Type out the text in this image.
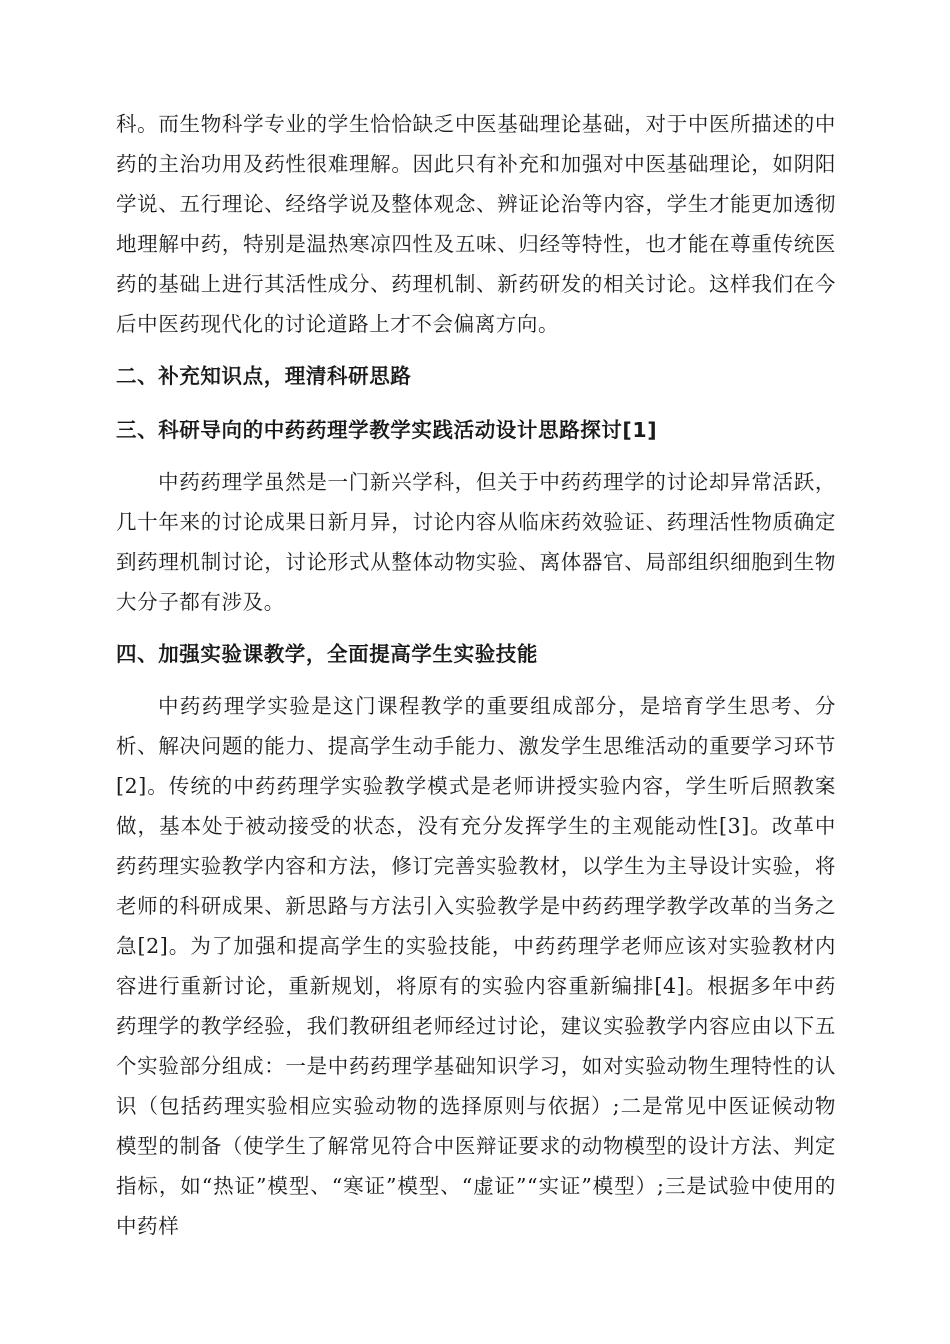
科。而生物科学专业的学生恰恰缺乏中医基础理论基础，对于中医所描述的中药的主治功用及药性很难理解。因此只有补充和加强对中医基础理论，如阴阳学说、五行理论、经络学说及整体观念、辨证论治等内容，学生才能更加透彻地理解中药，特别是温热寒凉四性及五味、归经等特性，也才能在尊重传统医药的基础上进行其活性成分、药理机制、新药研发的相关讨论。这样我们在今后中医药现代化的讨论道路上才不会偏离方向。

二、补充知识点，理清科研思路

三、科研导向的中药药理学教学实践活动设计思路探讨[1]

中药药理学虽然是一门新兴学科，但关于中药药理学的讨论却异常活跃，几十年来的讨论成果日新月异，讨论内容从临床药效验证、药理活性物质确定到药理机制讨论，讨论形式从整体动物实验、离体器官、局部组织细胞到生物大分子都有涉及。

四、加强实验课教学，全面提高学生实验技能

中药药理学实验是这门课程教学的重要组成部分，是培育学生思考、分析、解决问题的能力、提高学生动手能力、激发学生思维活动的重要学习环节[2]。传统的中药药理学实验教学模式是老师讲授实验内容，学生听后照教案做，基本处于被动接受的状态，没有充分发挥学生的主观能动性[3]。改革中药药理实验教学内容和方法，修订完善实验教材，以学生为主导设计实验，将老师的科研成果、新思路与方法引入实验教学是中药药理学教学改革的当务之急[2]。为了加强和提高学生的实验技能，中药药理学老师应该对实验教材内容进行重新讨论，重新规划，将原有的实验内容重新编排[4]。根据多年中药药理学的教学经验，我们教研组老师经过讨论，建议实验教学内容应由以下五个实验部分组成：一是中药药理学基础知识学习，如对实验动物生理特性的认识（包括药理实验相应实验动物的选择原则与依据）;二是常见中医证候动物模型的制备（使学生了解常见符合中医辩证要求的动物模型的设计方法、判定指标，如“热证”模型、“寒证”模型、“虚证”“实证”模型）;三是试验中使用的中药样
